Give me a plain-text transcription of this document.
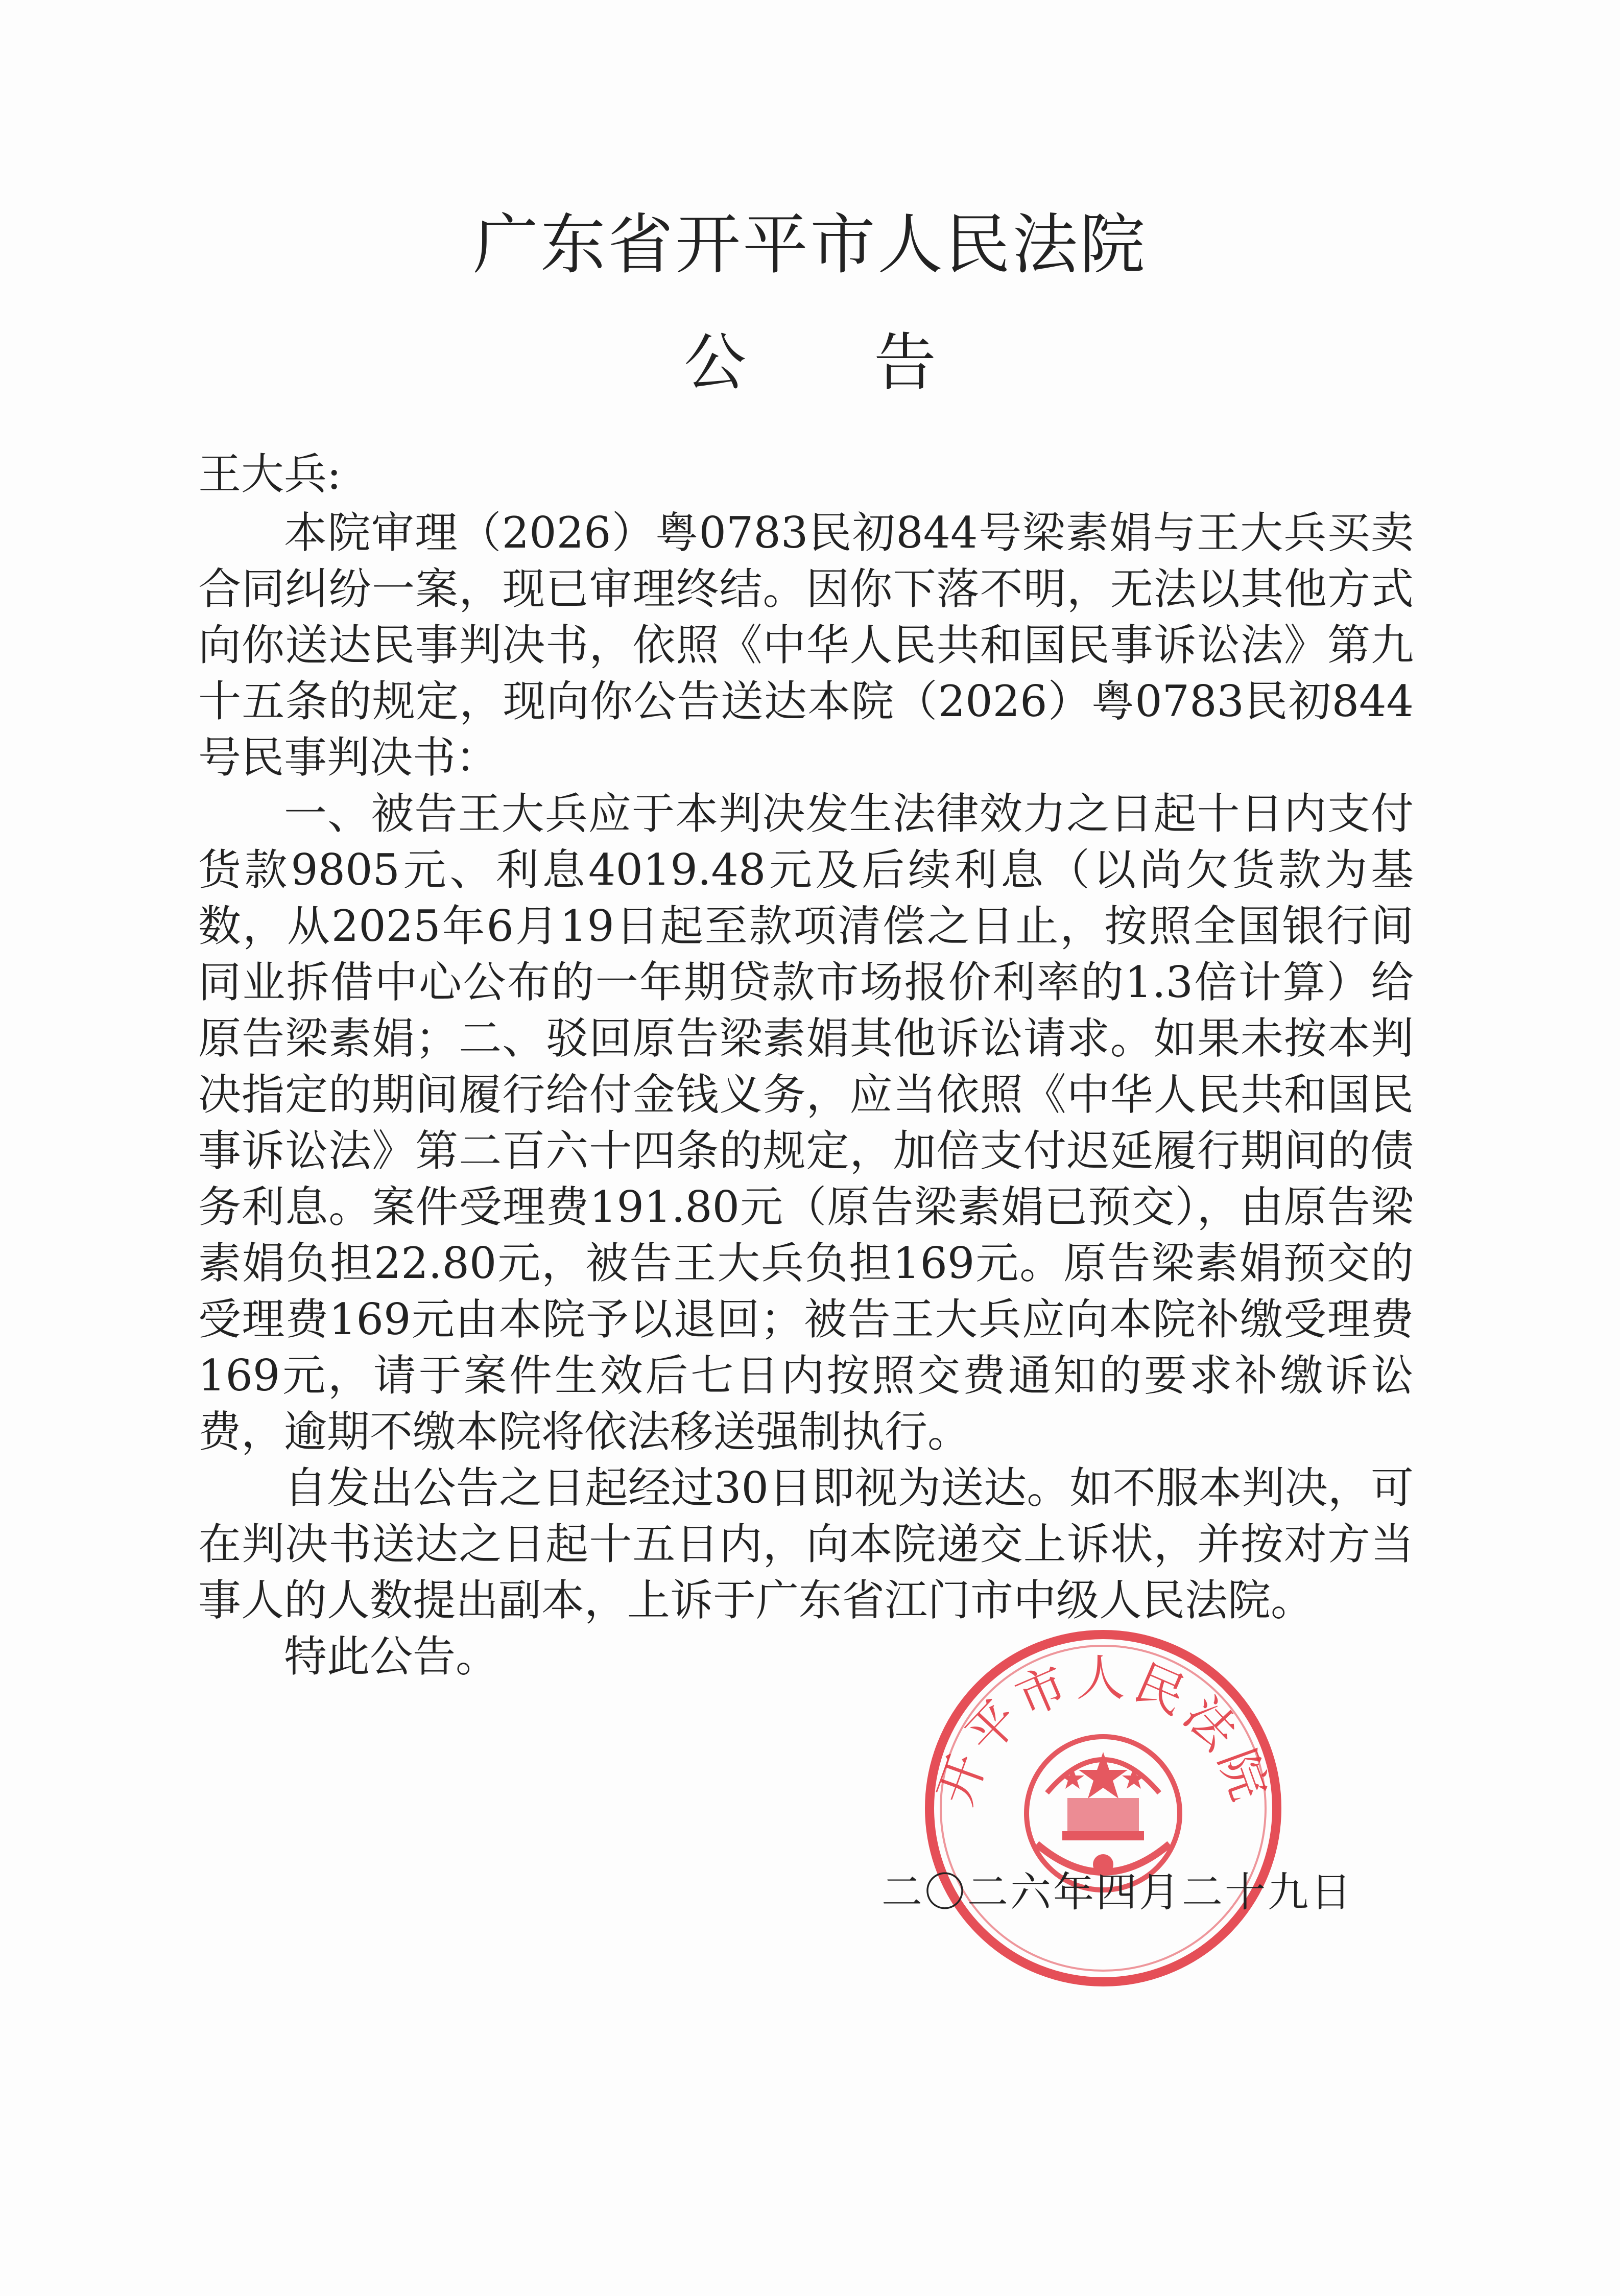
广东省开平市人民法院
公告
王大兵:

本院审理（2026）粤0783民初844号梁素娟与王大兵买卖合同纠纷一案，现已审理终结。因你下落不明，无法以其他方式向你送达民事判决书，依照《中华人民共和国民事诉讼法》第九十五条的规定，现向你公告送达本院（2026）粤0783民初844号民事判决书：

一、被告王大兵应于本判决发生法律效力之日起十日内支付货款9805元、利息4019.48元及后续利息（以尚欠货款为基数，从2025年6月19日起至款项清偿之日止，按照全国银行间同业拆借中心公布的一年期贷款市场报价利率的1.3倍计算）给原告梁素娟；二、驳回原告梁素娟其他诉讼请求。如果未按本判决指定的期间履行给付金钱义务，应当依照《中华人民共和国民事诉讼法》第二百六十四条的规定，加倍支付迟延履行期间的债务利息。案件受理费191.80元（原告梁素娟已预交），由原告梁素娟负担22.80元，被告王大兵负担169元。原告梁素娟预交的受理费169元由本院予以退回；被告王大兵应向本院补缴受理费169元，请于案件生效后七日内按照交费通知的要求补缴诉讼费，逾期不缴本院将依法移送强制执行。

自发出公告之日起经过30日即视为送达。如不服本判决，可在判决书送达之日起十五日内，向本院递交上诉状，并按对方当事人的人数提出副本，上诉于广东省江门市中级人民法院。

特此公告。

开平市人民法院
二〇二六年四月二十九日
